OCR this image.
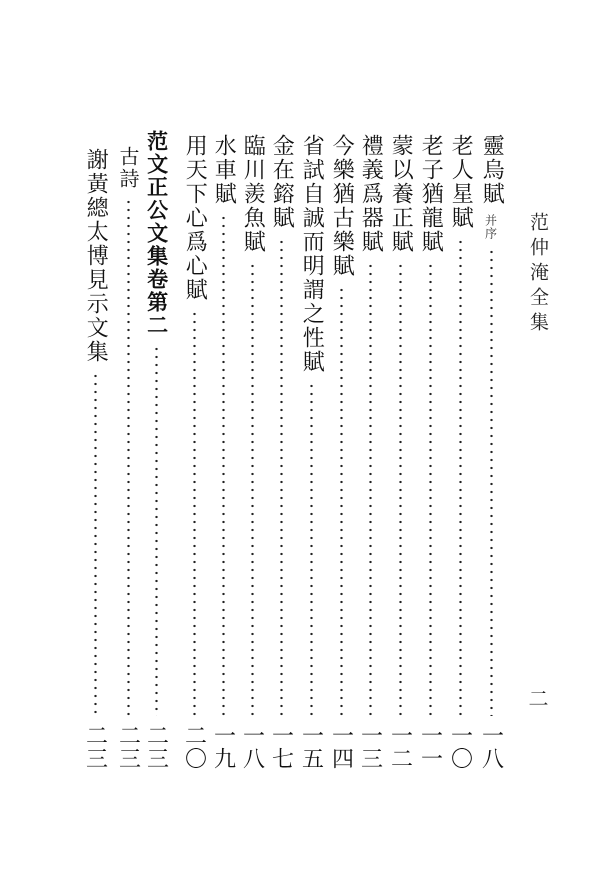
范仲淹全集
二
靈烏賦
并序
一八
老人星賦
一〇
老子猶龍賦
一一
蒙以養正賦
一二
禮義爲器賦
一三
今樂猶古樂賦
一四
省試自誠而明謂之性賦
一五
金在鎔賦
一七
臨川羨魚賦
一八
水車賦
一九
用天下心爲心賦
二〇
范文正公文集卷第二
二三
古詩
二三
謝黃總太博見示文集
二三
